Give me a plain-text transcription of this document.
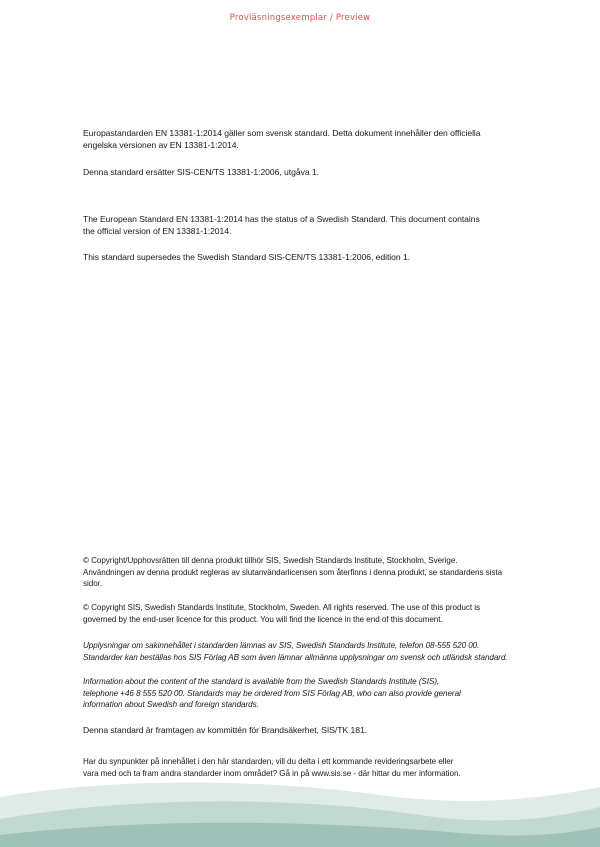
Provläsningsexemplar / Preview

Europastandarden EN 13381-1:2014 gäller som svensk standard. Detta dokument innehåller den officiella

engelska versionen av EN 13381-1:2014.

Denna standard ersätter SIS-CEN/TS 13381-1:2006, utgåva 1.

The European Standard EN 13381-1:2014 has the status of a Swedish Standard. This document contains

the official version of EN 13381-1:2014.

This standard supersedes the Swedish Standard SIS-CEN/TS 13381-1:2006, edition 1.

© Copyright/Upphovsrätten till denna produkt tillhör SIS, Swedish Standards Institute, Stockholm, Sverige.

Användningen av denna produkt regleras av slutanvändarlicensen som återfinns i denna produkt, se standardens sista

sidor.

© Copyright SIS, Swedish Standards Institute, Stockholm, Sweden. All rights reserved. The use of this product is

governed by the end-user licence for this product. You will find the licence in the end of this document.

Upplysningar om sakinnehållet i standarden lämnas av SIS, Swedish Standards Institute, telefon 08-555 520 00.

Standarder kan beställas hos SIS Förlag AB som även lämnar allmänna upplysningar om svensk och utländsk standard.

Information about the content of the standard is available from the Swedish Standards Institute (SIS),

telephone +46 8 555 520 00. Standards may be ordered from SIS Förlag AB, who can also provide general

information about Swedish and foreign standards.

Denna standard är framtagen av kommittén för Brandsäkerhet, SIS/TK 181.

Har du synpunkter på innehållet i den här standarden, vill du delta i ett kommande revideringsarbete eller

vara med och ta fram andra standarder inom området? Gå in på www.sis.se - där hittar du mer information.
